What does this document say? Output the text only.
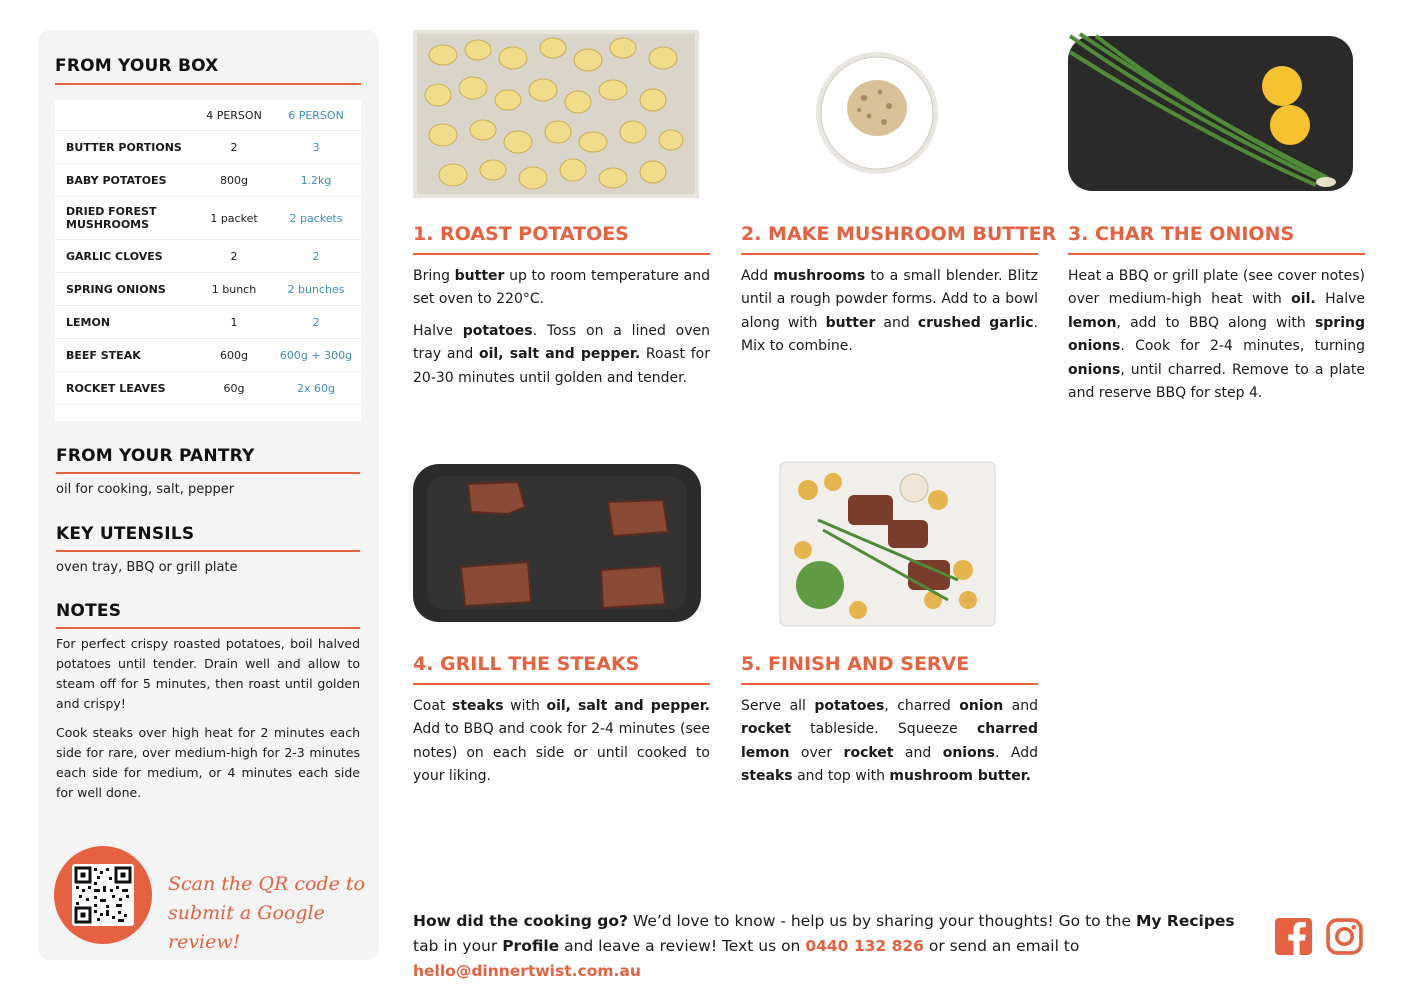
FROM YOUR BOX
	4 PERSON	6 PERSON
BUTTER PORTIONS	2	3
BABY POTATOES	800g	1.2kg
DRIED FOREST MUSHROOMS	1 packet	2 packets
GARLIC CLOVES	2	2
SPRING ONIONS	1 bunch	2 bunches
LEMON	1	2
BEEF STEAK	600g	600g + 300g
ROCKET LEAVES	60g	2x 60g
FROM YOUR PANTRY
oil for cooking, salt, pepper
KEY UTENSILS
oven tray, BBQ or grill plate
NOTES

For perfect crispy roasted potatoes, boil halved potatoes until tender. Drain well and allow to steam off for 5 minutes, then roast until golden and crispy!

Cook steaks over high heat for 2 minutes each side for rare, over medium-high for 2-3 minutes each side for medium, or 4 minutes each side for well done.

Scan the QR code to
submit a Google review!
1. ROAST POTATOES

Bring butter up to room temperature and set oven to 220°C.

Halve potatoes. Toss on a lined oven tray and oil, salt and pepper. Roast for 20-30 minutes until golden and tender.

2. MAKE MUSHROOM BUTTER

Add mushrooms to a small blender. Blitz until a rough powder forms. Add to a bowl along with butter and crushed garlic. Mix to combine.

3. CHAR THE ONIONS

Heat a BBQ or grill plate (see cover notes) over medium-high heat with oil. Halve lemon, add to BBQ along with spring onions. Cook for 2-4 minutes, turning onions, until charred. Remove to a plate and reserve BBQ for step 4.

4. GRILL THE STEAKS

Coat steaks with oil, salt and pepper. Add to BBQ and cook for 2-4 minutes (see notes) on each side or until cooked to your liking.

5. FINISH AND SERVE

Serve all potatoes, charred onion and rocket tableside. Squeeze charred lemon over rocket and onions. Add steaks and top with mushroom butter.

How did the cooking go? We’d love to know - help us by sharing your thoughts! Go to the My Recipes tab in your Profile and leave a review! Text us on 0440 132 826 or send an email to hello@dinnertwist.com.au
